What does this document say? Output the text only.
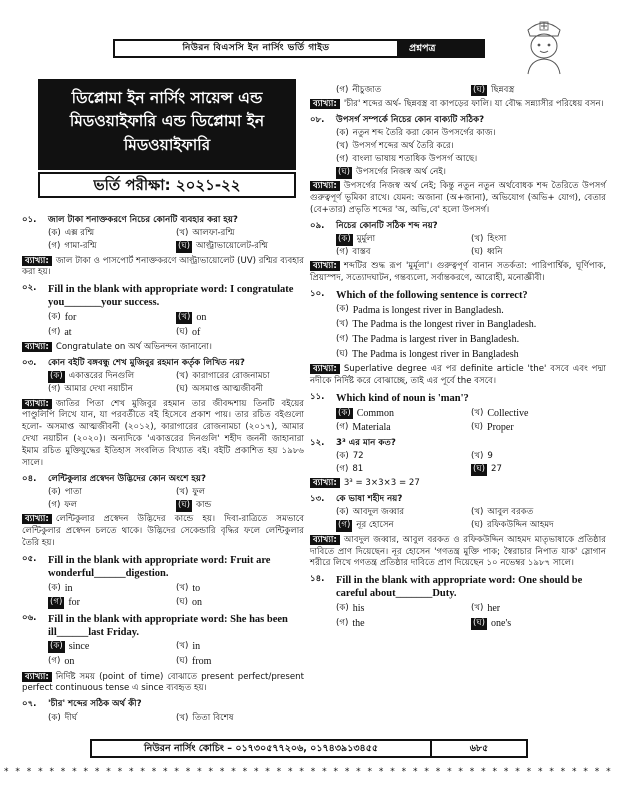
নিউরন বিএসসি ইন নার্সিং ভর্তি গাইড	প্রশ্নপত্র
ডিপ্লোমা ইন নার্সিং সায়েন্স এন্ড মিডওয়াইফারি এন্ড ডিপ্লোমা ইন মিডওয়াইফারি
ভর্তি পরীক্ষা: ২০২১-২২
০১.	জাল টাকা শনাক্তকরণে নিচের কোনটি ব্যবহার করা হয়?
(ক) এক্স রশ্মি	(খ) আলফা-রশ্মি
(গ) গামা-রশ্মি	(ঘ) আল্ট্রাভায়োলেট-রশ্মি
ব্যাখ্যা: জাল টাকা ও পাসপোর্ট শনাক্তকরণে আল্ট্রাভায়োলেট (UV) রশ্মির ব্যবহার করা হয়।
০২.	Fill in the blank with appropriate word: I congratulate you_______your success.
(ক) for	(খ) on
(গ) at	(ঘ) of
ব্যাখ্যা: Congratulate on অর্থ অভিনন্দন জানানো।
০৩.	কোন বইটি বঙ্গবন্ধু শেখ মুজিবুর রহমান কর্তৃক লিখিত নয়?
(ক) একাত্তরের দিনগুলি	(খ) কারাগারের রোজনামচা
(গ) আমার দেখা নয়াচীন	(ঘ) অসমাপ্ত আত্মজীবনী
ব্যাখ্যা: জাতির পিতা শেখ মুজিবুর রহমান তার জীবদ্দশায় তিনটি বইয়ের পাণ্ডুলিপি লিখে যান, যা পরবর্তীতে বই হিসেবে প্রকাশ পায়। তার রচিত বইগুলো হলো- অসমাপ্ত আত্মজীবনী (২০১২), কারাগারের রোজনামচা (২০১৭), আমার দেখা নয়াচীন (২০২০)। অন্যদিকে 'একাত্তরের দিনগুলি' শহীদ জননী জাহানারা ইমাম রচিত মুক্তিযুদ্ধের ইতিহাস সংবলিত বিখ্যাত বই। বইটি প্রকাশিত হয় ১৯৮৬ সালে।
০৪.	লেন্টিকুলার প্রস্বেদন উদ্ভিদের কোন অংশে হয়?
(ক) পাতা	(খ) ফুল
(গ) ফল	(ঘ) কান্ড
ব্যাখ্যা: লেন্টিকুলার প্রস্বেদন উদ্ভিদের কান্ডে হয়। দিবা-রাত্রিতে সমভাবে লেন্টিকুলার প্রস্বেদন চলতে থাকে। উদ্ভিদের সেকেন্ডারি বৃদ্ধির ফলে লেন্টিকুলার তৈরি হয়।
০৫.	Fill in the blank with appropriate word: Fruit are wonderful______digestion.
(ক) in	(খ) to
(গ) for	(ঘ) on
০৬.	Fill in the blank with appropriate word: She has been ill______last Friday.
(ক) since	(খ) in
(গ) on	(ঘ) from
ব্যাখ্যা: নির্দিষ্ট সময় (point of time) বোঝাতে present perfect/present perfect continuous tense এ since ব্যবহৃত হয়।
০৭.	'চীর' শব্দের সঠিক অর্থ কী?
(ক) দীর্ঘ	(খ) তিতা বিশেষ
(গ) নীচুজাত	(ঘ) ছিন্নবস্ত্র
ব্যাখ্যা: 'চীর' শব্দের অর্থ- ছিন্নবস্ত্র বা কাপড়ের ফালি। যা বৌদ্ধ সন্ন্যাসীর পরিধেয় বসন।
০৮.	উপসর্গ সম্পর্কে নিচের কোন বাক্যটি সঠিক?
(ক) নতুন শব্দ তৈরি করা কোন উপসর্গের কাজ।
(খ) উপসর্গ শব্দের অর্থ তৈরি করে।
(গ) বাংলা ভাষায় শতাধিক উপসর্গ আছে।
(ঘ) উপসর্গের নিজস্ব অর্থ নেই।
ব্যাখ্যা: উপসর্গের নিজস্ব অর্থ নেই; কিন্তু নতুন নতুন অর্থবোধক শব্দ তৈরিতে উপসর্গ গুরুত্বপূর্ণ ভূমিকা রাখে। যেমন: অজানা (অ+জানা), অভিযোগ (অভি+ যোগ), বেতার (বে+তার) প্রভৃতি শব্দের 'অ, অভি,বে' হলো উপসর্গ।
০৯.	নিচের কোনটি সঠিক শব্দ নয়?
(ক) মুর্মুলা	(খ) হিংসা
(গ) বাস্তব	(ঘ) ধ্বনি
ব্যাখ্যা: শব্দটির শুদ্ধ রূপ 'মুর্মূলা'। গুরুত্বপূর্ণ বানান সতর্কতা: পারিপার্শ্বিক, ঘূর্ণিপাক, প্রিয়াস্পদ, সত্যোদঘাটন, গন্তব্যলো, সর্বান্তকরণে, আরোহী, মনোজ্ঞীবী।
১০.	Which of the following sentence is correct?
(ক) Padma is longest river in Bangladesh.
(খ) The Padma is the longest river in Bangladesh.
(গ) The Padma is largest river in Bangladesh.
(ঘ) The Padma is longest river in Bangladesh
ব্যাখ্যা: Superlative degree এর পর definite article 'the' বসবে এবং পদ্মা নদীকে নির্দিষ্ট করে বোঝাচ্ছে, তাই এর পূর্বে the বসবে।
১১.	Which kind of noun is 'man'?
(ক) Common	(খ) Collective
(গ) Materiala	(ঘ) Proper
১২.	3³ এর মান কত?
(ক) 72	(খ) 9
(গ) 81	(ঘ) 27
ব্যাখ্যা: 3³ = 3×3×3 = 27
১৩.	কে ভাষা শহীদ নয়?
(ক) আবদুল জব্বার	(খ) আবুল বরকত
(গ) নূর হোসেন	(ঘ) রফিকউদ্দিন আহমদ
ব্যাখ্যা: আবদুল জব্বার, আবুল বরকত ও রফিকউদ্দিন আহমদ মাতৃভাষাকে প্রতিষ্ঠার দাবিতে প্রাণ দিয়েছেন। নূর হোসেন 'গণতন্ত্র মুক্তি পাক; স্বৈরাচার নিপাত যাক' স্লোগান শরীরে লিখে গণতন্ত্র প্রতিষ্ঠার দাবিতে প্রাণ দিয়েছেন ১০ নভেম্বর ১৯৮৭ সালে।
১৪.	Fill in the blank with appropriate word: One should be careful about_______Duty.
(ক) his	(খ) her
(গ) the	(ঘ) one's
নিউরন নার্সিং কোচিং – ০১৭৩০৫৭৭২০৬, ০১৭৪৩৯১৩৪৫৫	৬৮৫
* * * * * * * * * * * * * * * * * * * * * * * * * * * * * * * * * * * * * * * * * * * * * * * * * * * * * *
